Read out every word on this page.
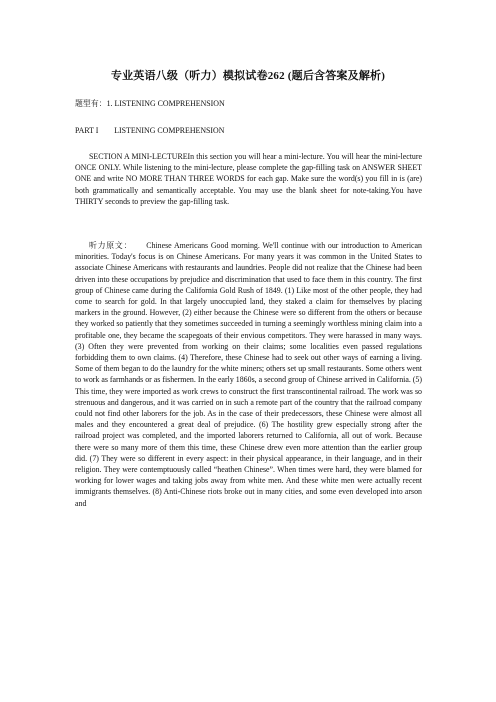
专业英语八级（听力）模拟试卷262 (题后含答案及解析)
题型有：1. LISTENING COMPREHENSION
PART I        LISTENING COMPREHENSION
SECTION A MINI-LECTUREIn this section you will hear a mini-lecture. You will hear the mini-lecture ONCE ONLY. While listening to the mini-lecture, please complete the gap-filling task on ANSWER SHEET ONE and write NO MORE THAN THREE WORDS for each gap. Make sure the word(s) you fill in is (are) both grammatically and semantically acceptable. You may use the blank sheet for note-taking.You have THIRTY seconds to preview the gap-filling task.
听力原文： Chinese Americans Good morning. We'll continue with our introduction to American minorities. Today's focus is on Chinese Americans. For many years it was common in the United States to associate Chinese Americans with restaurants and laundries. People did not realize that the Chinese had been driven into these occupations by prejudice and discrimination that used to face them in this country. The first group of Chinese came during the California Gold Rush of 1849. (1) Like most of the other people, they had come to search for gold. In that largely unoccupied land, they staked a claim for themselves by placing markers in the ground. However, (2) either because the Chinese were so different from the others or because they worked so patiently that they sometimes succeeded in turning a seemingly worthless mining claim into a profitable one, they became the scapegoats of their envious competitors. They were harassed in many ways. (3) Often they were prevented from working on their claims; some localities even passed regulations forbidding them to own claims. (4) Therefore, these Chinese had to seek out other ways of earning a living. Some of them began to do the laundry for the white miners; others set up small restaurants. Some others went to work as farmhands or as fishermen. In the early 1860s, a second group of Chinese arrived in California. (5) This time, they were imported as work crews to construct the first transcontinental railroad. The work was so strenuous and dangerous, and it was carried on in such a remote part of the country that the railroad company could not find other laborers for the job. As in the case of their predecessors, these Chinese were almost all males and they encountered a great deal of prejudice. (6) The hostility grew especially strong after the railroad project was completed, and the imported laborers returned to California, all out of work. Because there were so many more of them this time, these Chinese drew even more attention than the earlier group did. (7) They were so different in every aspect: in their physical appearance, in their language, and in their religion. They were contemptuously called “heathen Chinese”. When times were hard, they were blamed for working for lower wages and taking jobs away from white men. And these white men were actually recent immigrants themselves. (8) Anti-Chinese riots broke out in many cities, and some even developed into arson and
